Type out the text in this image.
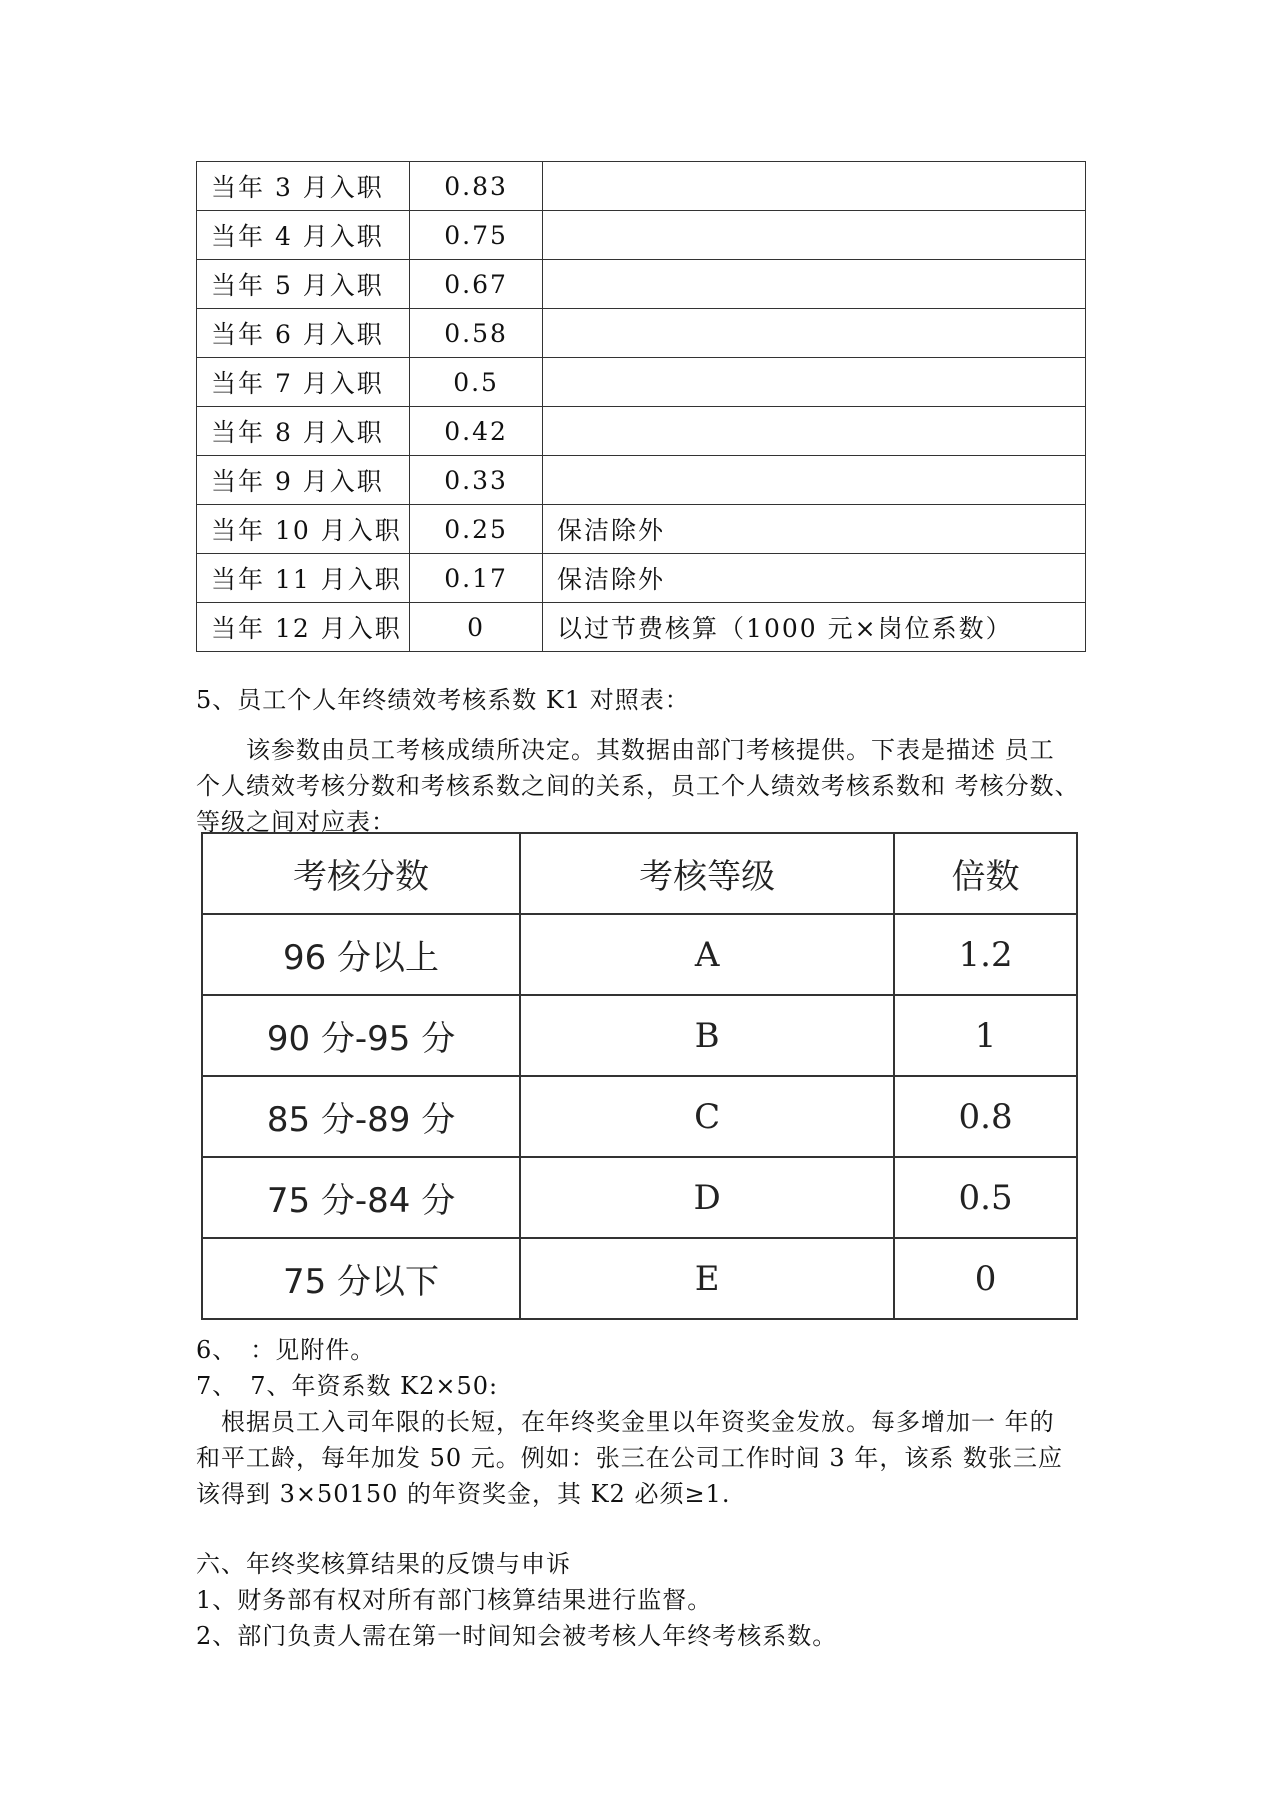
当年 3 月入职	0.83	
当年 4 月入职	0.75	
当年 5 月入职	0.67	
当年 6 月入职	0.58	
当年 7 月入职	0.5	
当年 8 月入职	0.42	
当年 9 月入职	0.33	
当年 10 月入职	0.25	保洁除外
当年 11 月入职	0.17	保洁除外
当年 12 月入职	0	以过节费核算（1000 元×岗位系数）
5、员工个人年终绩效考核系数 K1 对照表：
　　该参数由员工考核成绩所决定。其数据由部门考核提供。下表是描述 员工
个人绩效考核分数和考核系数之间的关系，员工个人绩效考核系数和 考核分数、
等级之间对应表：
考核分数	考核等级	倍数
96 分以上	A	1.2
90 分-95 分	B	1
85 分-89 分	C	0.8
75 分-84 分	D	0.5
75 分以下	E	0
6、　：见附件。
7、　7、年资系数 K2×50:
　根据员工入司年限的长短，在年终奖金里以年资奖金发放。每多增加一 年的
和平工龄，每年加发 50 元。例如：张三在公司工作时间 3 年，该系 数张三应
该得到 3×50150 的年资奖金，其 K2 必须≥1.
六、年终奖核算结果的反馈与申诉
1、财务部有权对所有部门核算结果进行监督。
2、部门负责人需在第一时间知会被考核人年终考核系数。
